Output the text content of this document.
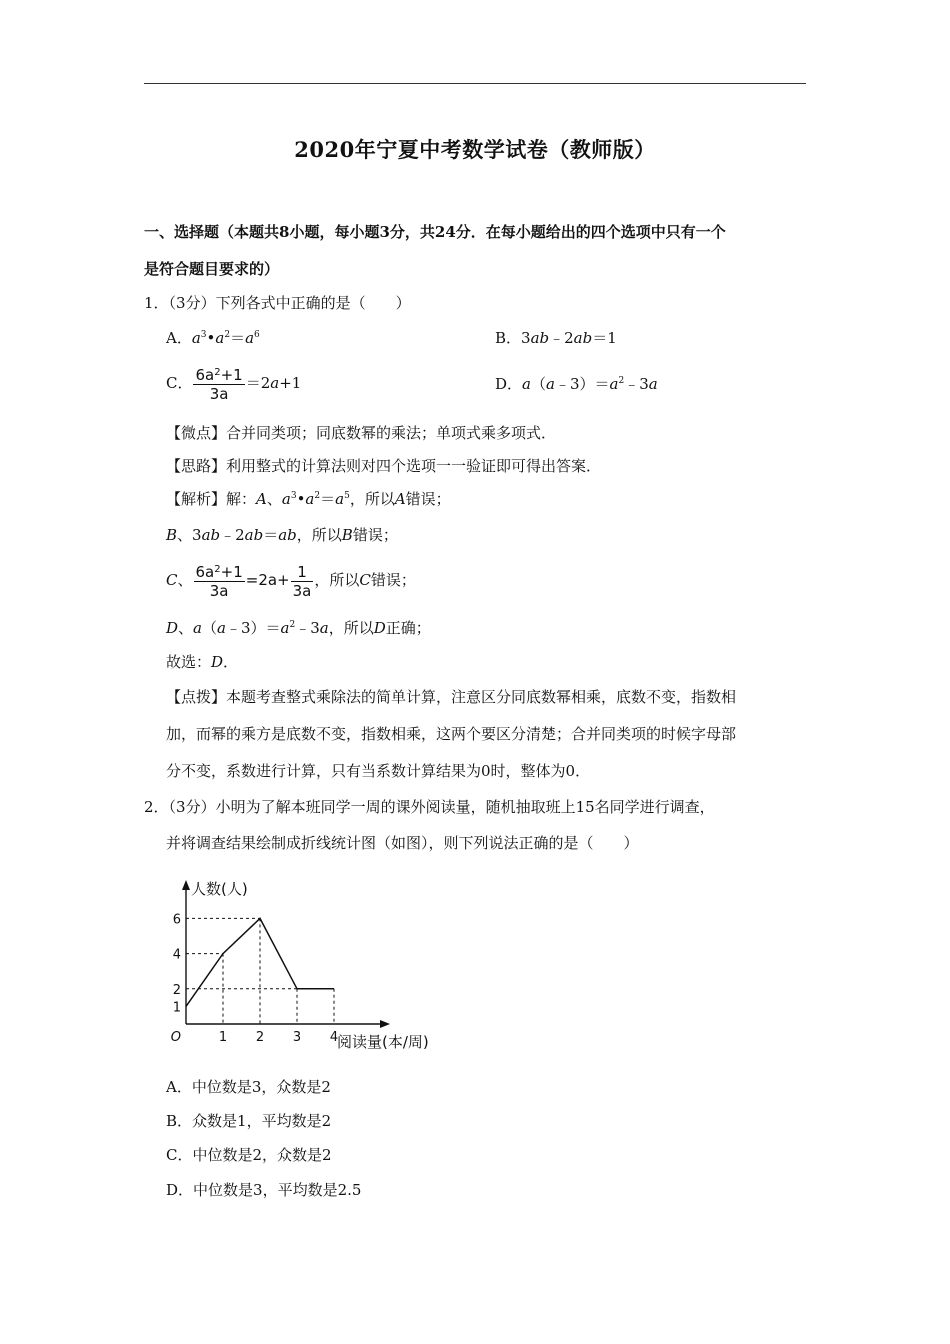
2020年宁夏中考数学试卷（教师版）
一、选择题（本题共8小题，每小题3分，共24分．在每小题给出的四个选项中只有一个
是符合题目要求的）
1．（3分）下列各式中正确的是（　　）
A．$a^3•a^2=a^6$	B．3ab﹣2ab＝1
C． $\frac{6a^2+1}{3a} =2a+1$	D．$a(a﹣3)=a^2﹣3a$
【微点】合并同类项；同底数幂的乘法；单项式乘多项式．
【思路】利用整式的计算法则对四个选项一一验证即可得出答案．
【解析】解：A、$a^3•a^2=a^5$，所以A错误；
B、3ab﹣2ab＝ab，所以B错误；
C、 $\frac{6a^2+1}{3a} =2a+ \frac{1}{3a}$ ，所以C错误；
D、$a(a﹣3)=a^2﹣3a$，所以D正确；
故选：D．
【点拨】本题考查整式乘除法的简单计算，注意区分同底数幂相乘，底数不变，指数相
加，而幂的乘方是底数不变，指数相乘，这两个要区分清楚；合并同类项的时候字母部
分不变，系数进行计算，只有当系数计算结果为0时，整体为0．
2．（3分）小明为了解本班同学一周的课外阅读量，随机抽取班上15名同学进行调查，
并将调查结果绘制成折线统计图（如图），则下列说法正确的是（　　）
1 2 3 4
1
2
4
6
O
人数(人)
阅读量(本/周)
A．中位数是3，众数是2
B．众数是1，平均数是2
C．中位数是2，众数是2
D．中位数是3，平均数是2.5
